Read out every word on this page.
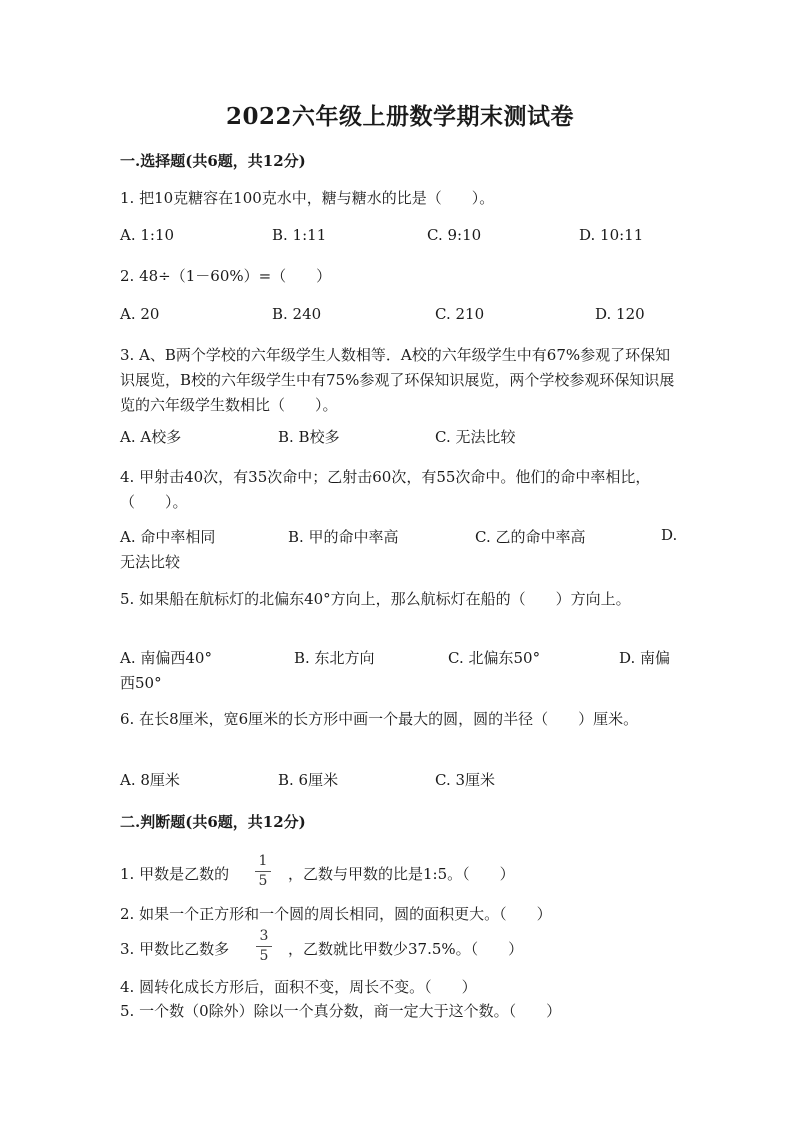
2022六年级上册数学期末测试卷
一.选择题(共6题，共12分)
1. 把10克糖容在100克水中，糖与糖水的比是（　　）。
A. 1:10	B. 1:11	C. 9:10	D. 10:11
2. 48÷（1－60%）=（　　）
A. 20	B. 240	C. 210	D. 120
3. A、B两个学校的六年级学生人数相等．A校的六年级学生中有67%参观了环保知识展览，B校的六年级学生中有75%参观了环保知识展览，两个学校参观环保知识展览的六年级学生数相比（　　）。
A. A校多	B. B校多	C. 无法比较
4. 甲射击40次，有35次命中；乙射击60次，有55次命中。他们的命中率相比，（　　）。
A. 命中率相同	B. 甲的命中率高	C. 乙的命中率高	D.
无法比较
5. 如果船在航标灯的北偏东40°方向上，那么航标灯在船的（　　）方向上。
A. 南偏西40°	B. 东北方向	C. 北偏东50°	D. 南偏
西50°
6. 在长8厘米，宽6厘米的长方形中画一个最大的圆，圆的半径（　　）厘米。
A. 8厘米	B. 6厘米	C. 3厘米
二.判断题(共6题，共12分)
1. 甲数是乙数的
1
5 ，乙数与甲数的比是1:5。（　　）
2. 如果一个正方形和一个圆的周长相同，圆的面积更大。（　　）
3. 甲数比乙数多
3
5 ，乙数就比甲数少37.5%。（　　）
4. 圆转化成长方形后，面积不变，周长不变。（　　）
5. 一个数（0除外）除以一个真分数，商一定大于这个数。（　　）
